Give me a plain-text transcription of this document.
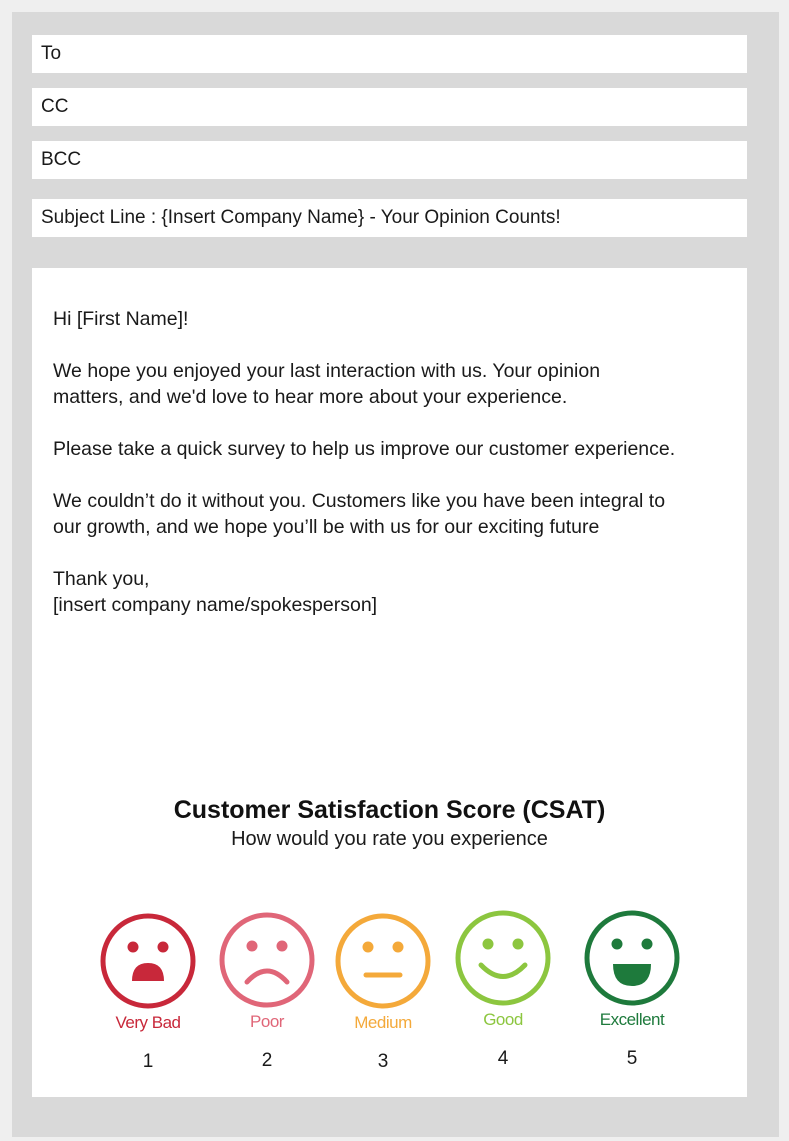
To
CC
BCC
Subject Line : {Insert Company Name} - Your Opinion Counts!

Hi [First Name]!

We hope you enjoyed your last interaction with us. Your opinion
matters, and we'd love to hear more about your experience.

Please take a quick survey to help us improve our customer experience.

We couldn’t do it without you. Customers like you have been integral to
our growth, and we hope you’ll be with us for our exciting future

Thank you,
[insert company name/spokesperson]

Customer Satisfaction Score (CSAT)
How would you rate you experience
Very Bad
1
Poor
2
Medium
3
Good
4
Excellent
5
